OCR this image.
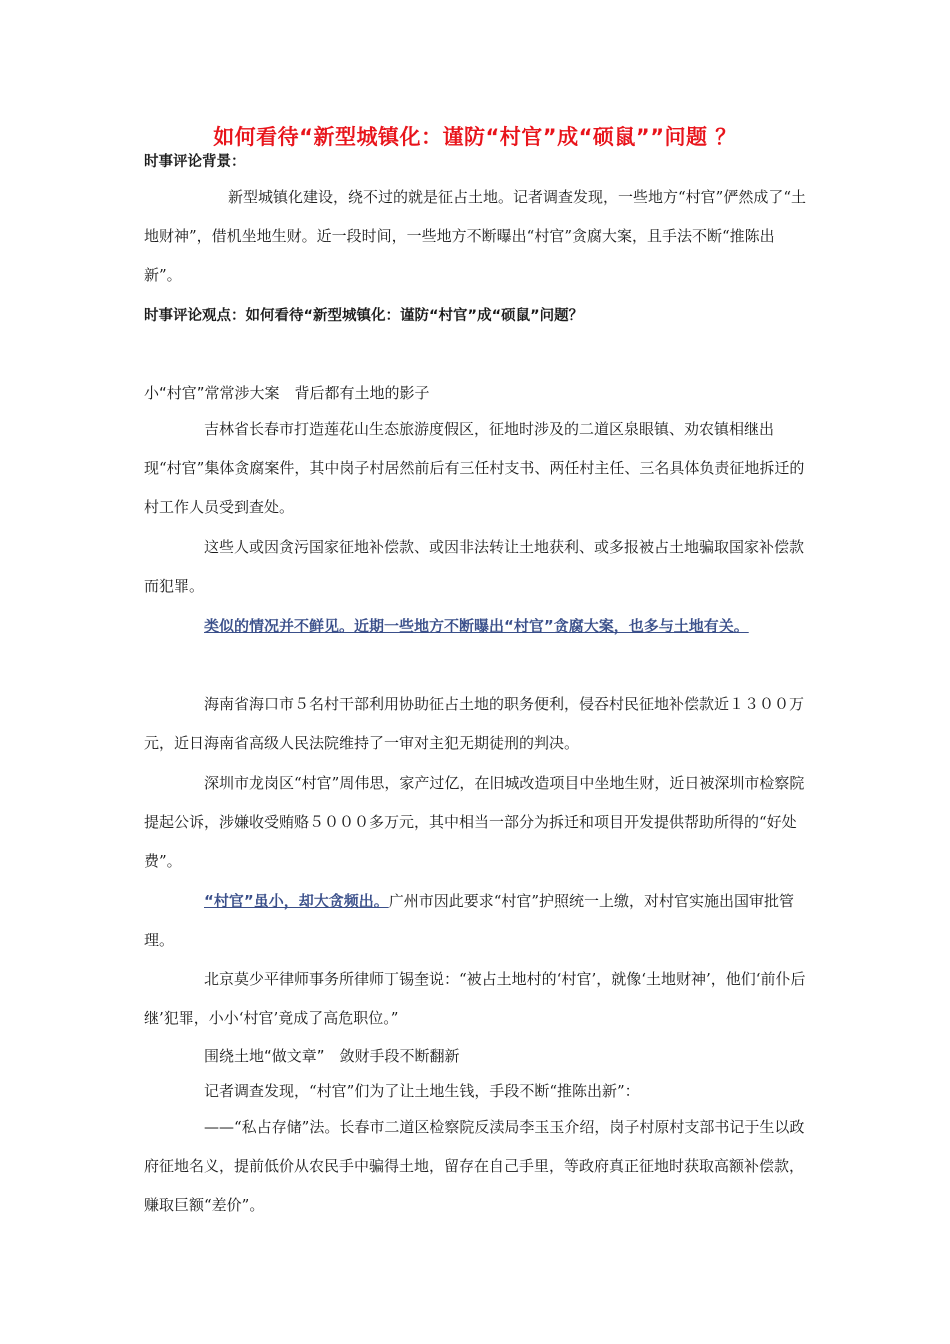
如何看待“新型城镇化：谨防“村官”成“硕鼠””问题 ？

时事评论背景：

新型城镇化建设，绕不过的就是征占土地。记者调查发现，一些地方“村官”俨然成了“土地财神”，借机坐地生财。近一段时间，一些地方不断曝出“村官”贪腐大案，且手法不断“推陈出新”。

时事评论观点：如何看待“新型城镇化：谨防“村官”成“硕鼠”问题？

小“村官”常常涉大案　背后都有土地的影子

吉林省长春市打造莲花山生态旅游度假区，征地时涉及的二道区泉眼镇、劝农镇相继出现“村官”集体贪腐案件，其中岗子村居然前后有三任村支书、两任村主任、三名具体负责征地拆迁的村工作人员受到查处。

这些人或因贪污国家征地补偿款、或因非法转让土地获利、或多报被占土地骗取国家补偿款而犯罪。

类似的情况并不鲜见。近期一些地方不断曝出“村官”贪腐大案，也多与土地有关。

海南省海口市５名村干部利用协助征占土地的职务便利，侵吞村民征地补偿款近１３００万元，近日海南省高级人民法院维持了一审对主犯无期徒刑的判决。

深圳市龙岗区“村官”周伟思，家产过亿，在旧城改造项目中坐地生财，近日被深圳市检察院提起公诉，涉嫌收受贿赂５０００多万元，其中相当一部分为拆迁和项目开发提供帮助所得的“好处费”。

“村官”虽小，却大贪频出。广州市因此要求“村官”护照统一上缴，对村官实施出国审批管理。

北京莫少平律师事务所律师丁锡奎说：“被占土地村的‘村官’，就像‘土地财神’，他们‘前仆后继’犯罪，小小‘村官’竟成了高危职位。”

围绕土地“做文章”　敛财手段不断翻新

记者调查发现，“村官”们为了让土地生钱，手段不断“推陈出新”：

——“私占存储”法。长春市二道区检察院反渎局李玉玉介绍，岗子村原村支部书记于生以政府征地名义，提前低价从农民手中骗得土地，留存在自己手里，等政府真正征地时获取高额补偿款，赚取巨额“差价”。
